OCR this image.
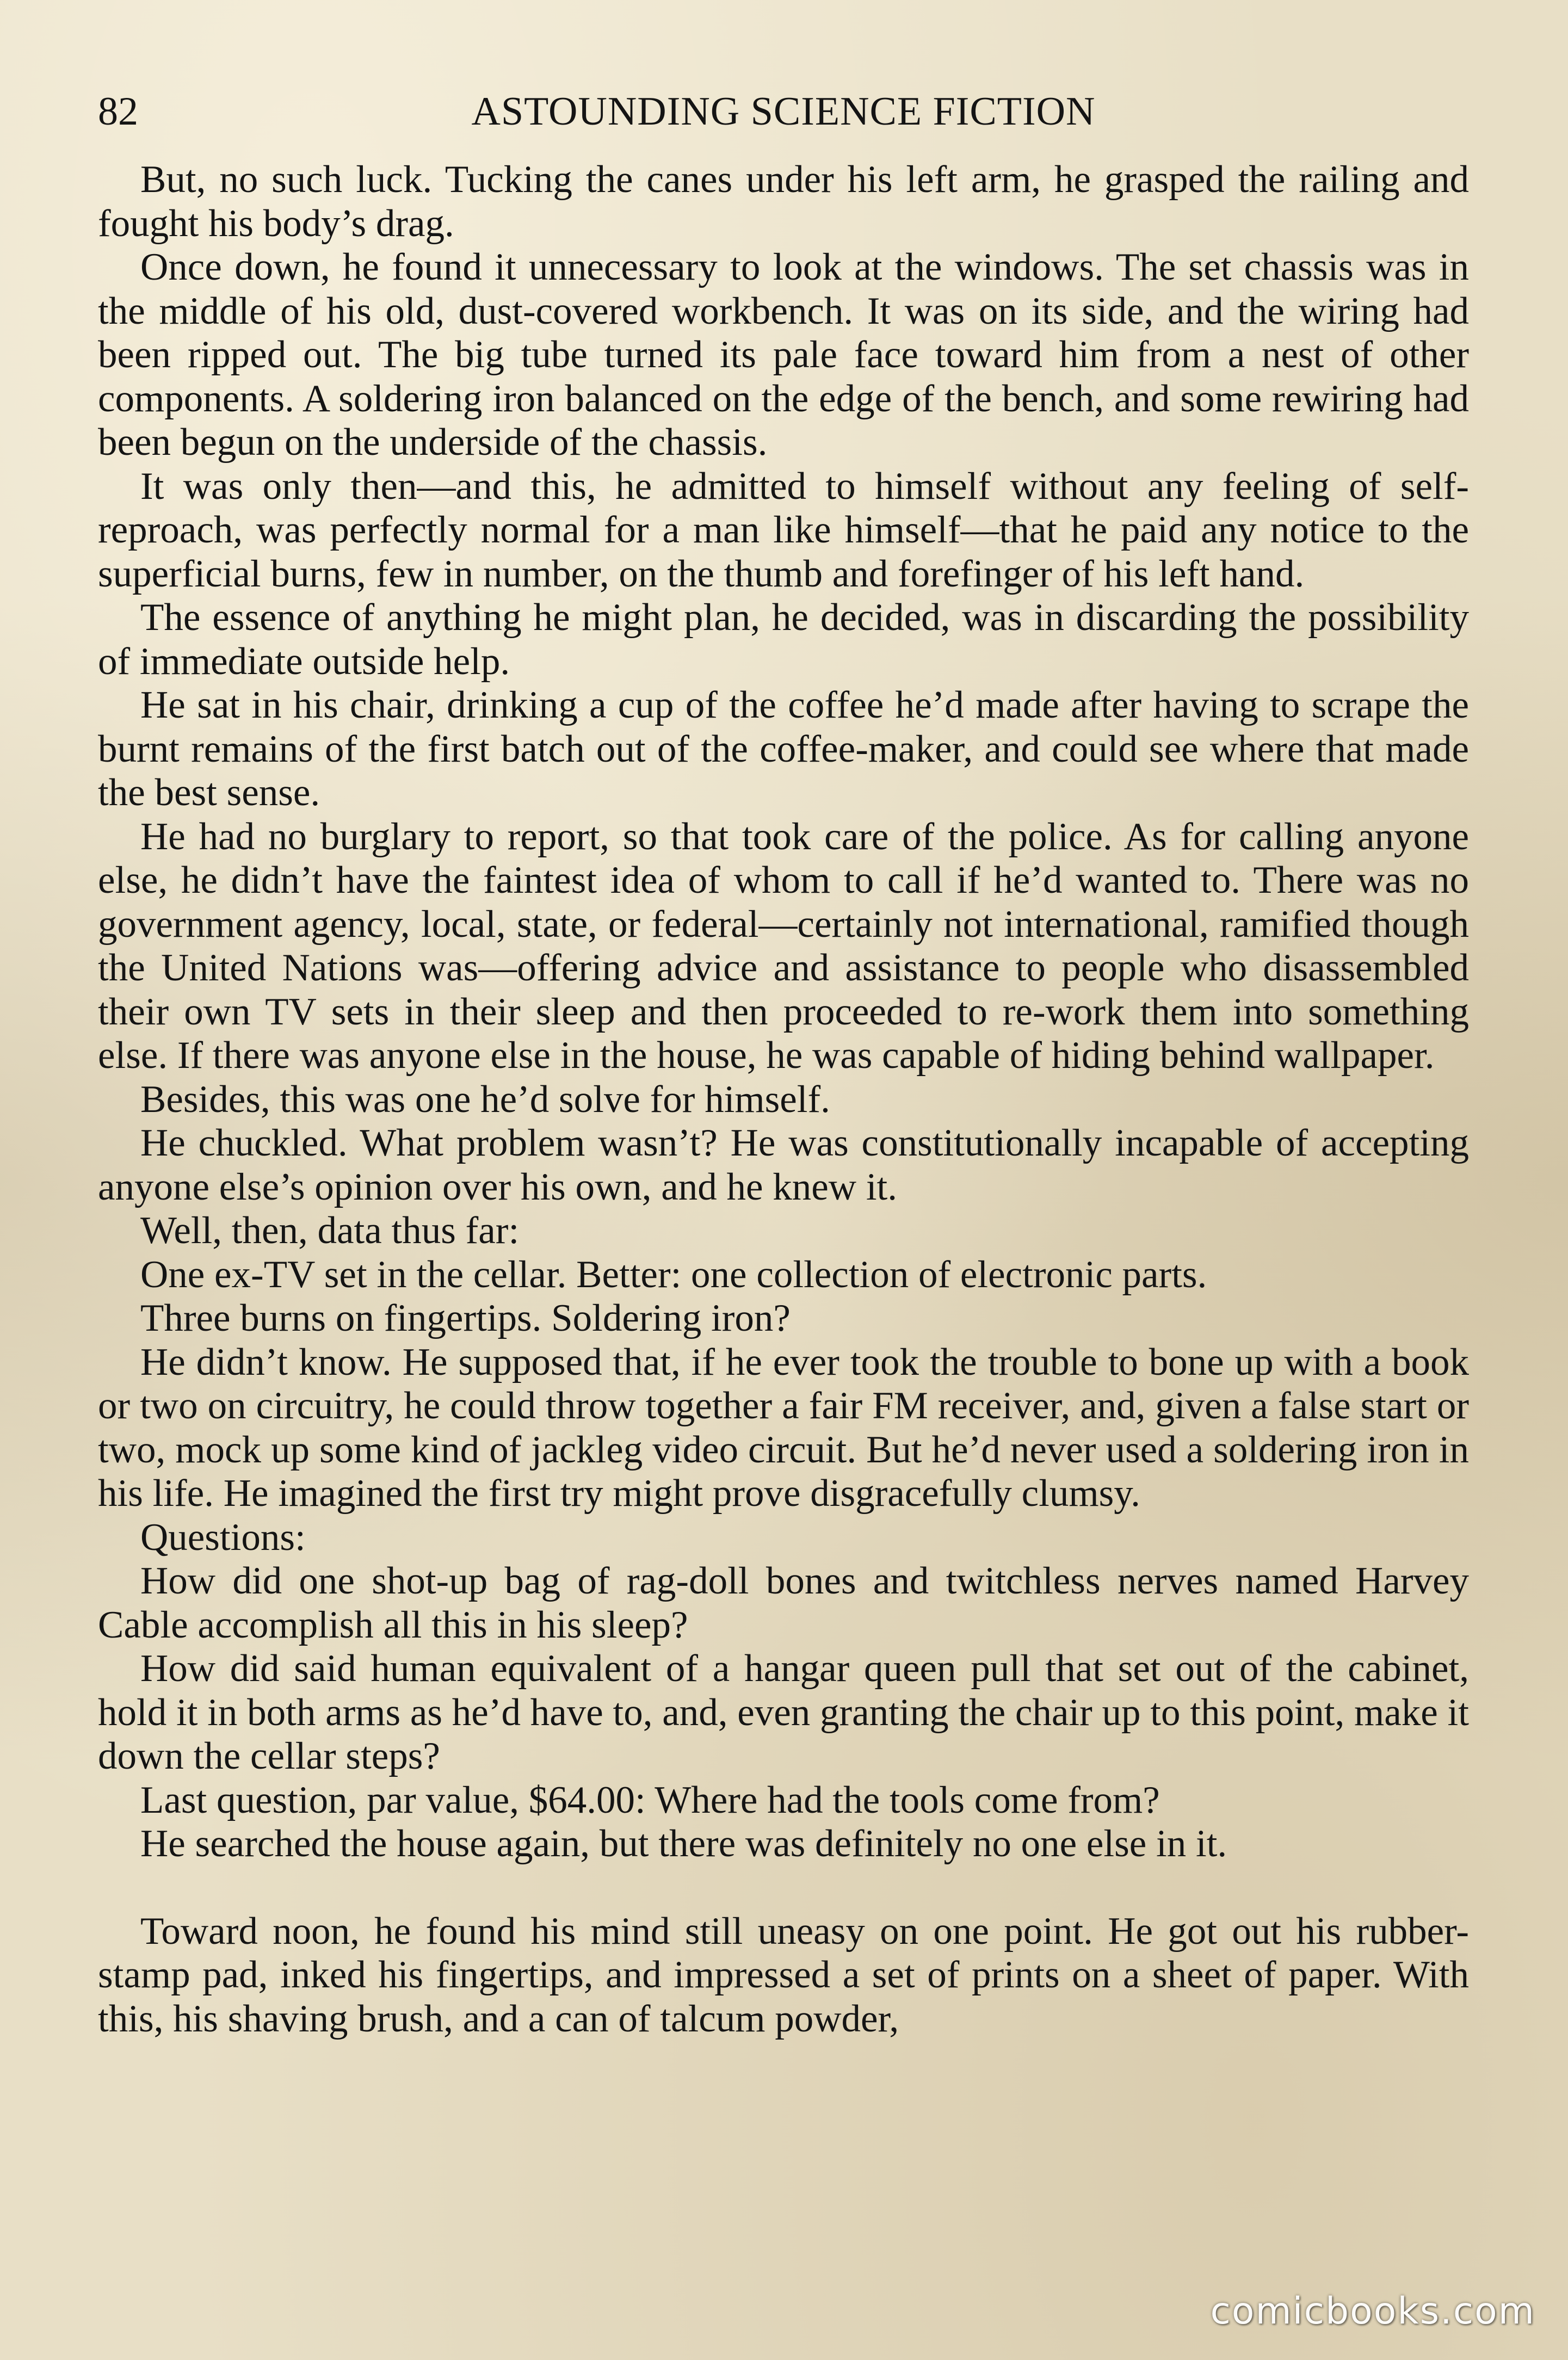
82	ASTOUNDING SCIENCE FICTION

But, no such luck. Tucking the canes under his left arm, he grasped the railing and fought his body’s drag.

Once down, he found it unnecessary to look at the windows. The set chassis was in the middle of his old, dust-covered workbench. It was on its side, and the wiring had been ripped out. The big tube turned its pale face toward him from a nest of other components. A soldering iron balanced on the edge of the bench, and some rewiring had been begun on the underside of the chassis.

It was only then—and this, he admitted to himself without any feeling of self-reproach, was perfectly normal for a man like himself—that he paid any notice to the superficial burns, few in number, on the thumb and forefinger of his left hand.

The essence of anything he might plan, he decided, was in discarding the possibility of immediate outside help.

He sat in his chair, drinking a cup of the coffee he’d made after having to scrape the burnt remains of the first batch out of the coffee-maker, and could see where that made the best sense.

He had no burglary to report, so that took care of the police. As for calling anyone else, he didn’t have the faintest idea of whom to call if he’d wanted to. There was no government agency, local, state, or federal—certainly not international, ramified though the United Nations was—offering advice and assistance to people who disassembled their own TV sets in their sleep and then proceeded to re-work them into something else. If there was anyone else in the house, he was capable of hiding behind wallpaper.

Besides, this was one he’d solve for himself.

He chuckled. What problem wasn’t? He was constitutionally incapable of accepting anyone else’s opinion over his own, and he knew it.

Well, then, data thus far:

One ex-TV set in the cellar. Better: one collection of electronic parts.

Three burns on fingertips. Soldering iron?

He didn’t know. He supposed that, if he ever took the trouble to bone up with a book or two on circuitry, he could throw together a fair FM receiver, and, given a false start or two, mock up some kind of jackleg video circuit. But he’d never used a soldering iron in his life. He imagined the first try might prove disgracefully clumsy.

Questions:

How did one shot-up bag of rag-doll bones and twitchless nerves named Harvey Cable accomplish all this in his sleep?

How did said human equivalent of a hangar queen pull that set out of the cabinet, hold it in both arms as he’d have to, and, even granting the chair up to this point, make it down the cellar steps?

Last question, par value, $64.00: Where had the tools come from?

He searched the house again, but there was definitely no one else in it.

Toward noon, he found his mind still uneasy on one point. He got out his rubber-stamp pad, inked his fingertips, and impressed a set of prints on a sheet of paper. With this, his shaving brush, and a can of talcum powder,

comicbooks.com
